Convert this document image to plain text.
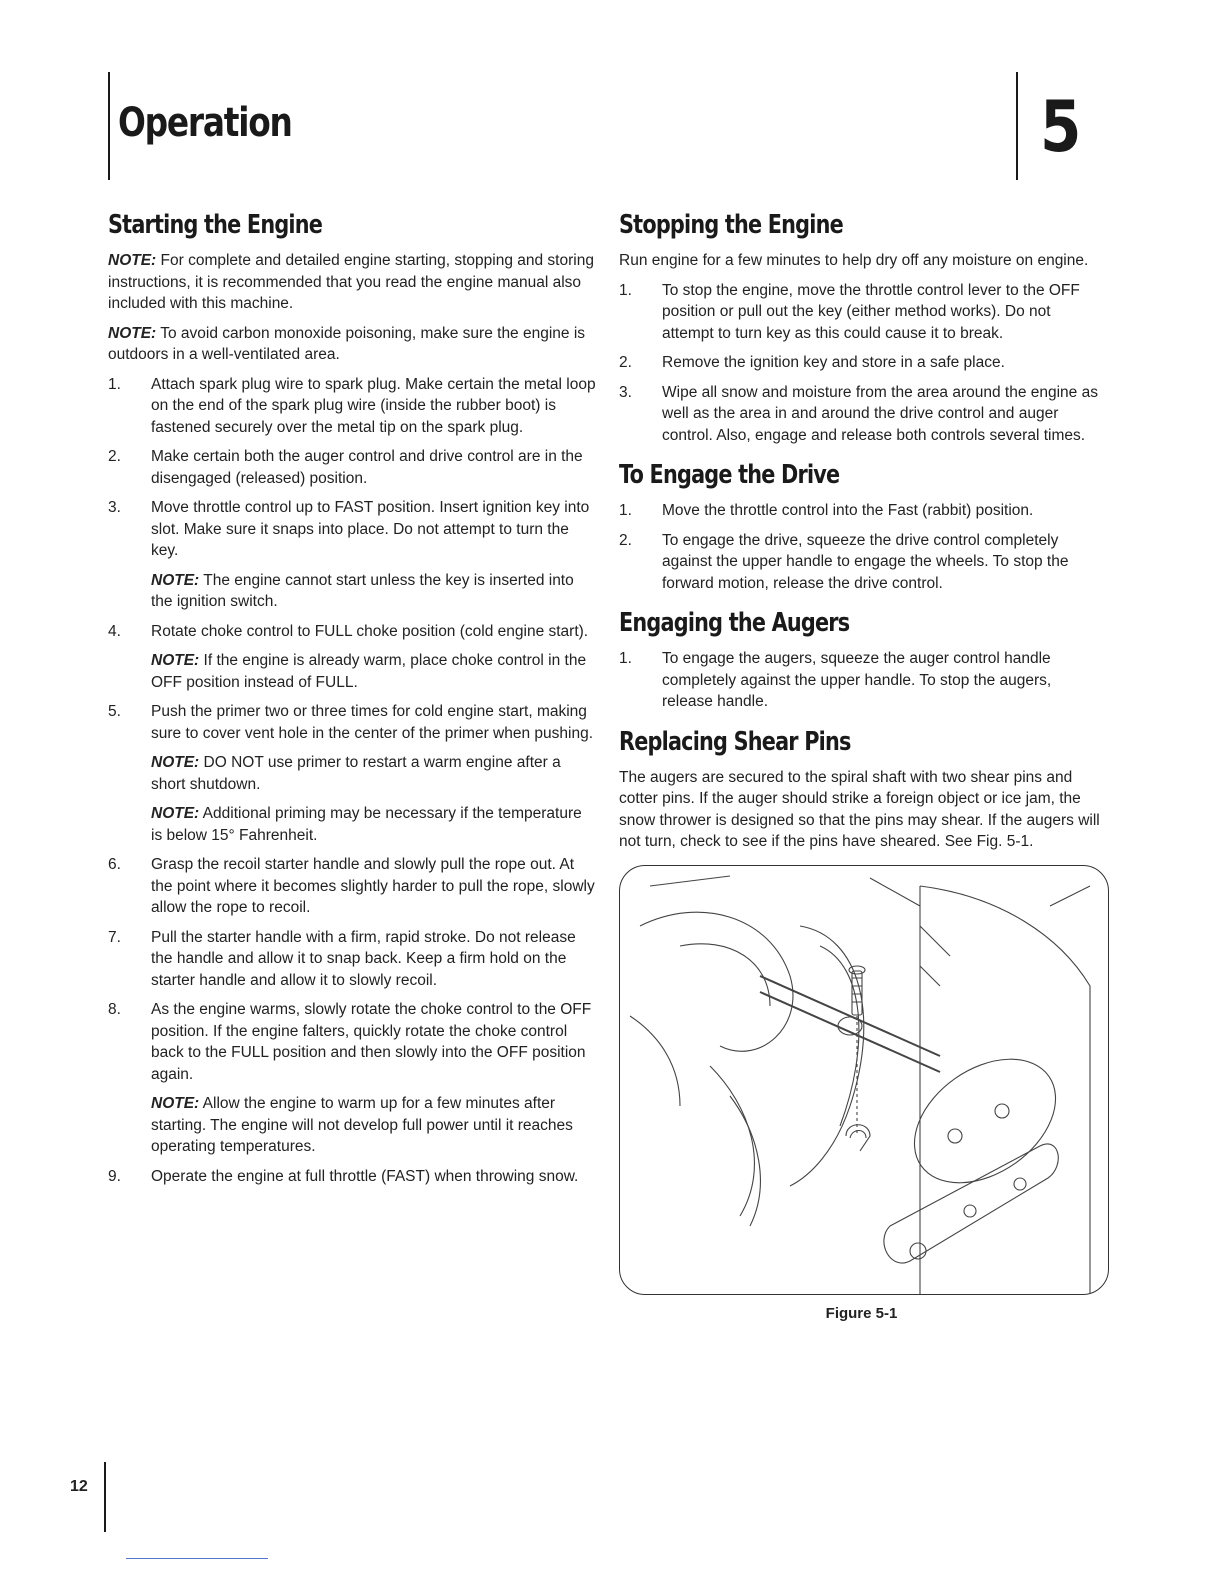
Operation	5
Starting the Engine

NOTE: For complete and detailed engine starting, stopping and storing instructions, it is recommended that you read the engine manual also included with this machine.

NOTE: To avoid carbon monoxide poisoning, make sure the engine is outdoors in a well-ventilated area.

1. Attach spark plug wire to spark plug. Make certain the metal loop on the end of the spark plug wire (inside the rubber boot) is fastened securely over the metal tip on the spark plug.
2. Make certain both the auger control and drive control are in the disengaged (released) position.
3. Move throttle control up to FAST position. Insert ignition key into slot. Make sure it snaps into place. Do not attempt to turn the key.

NOTE: The engine cannot start unless the key is inserted into the ignition switch.

4. Rotate choke control to FULL choke position (cold engine start).

NOTE: If the engine is already warm, place choke control in the OFF position instead of FULL.

5. Push the primer two or three times for cold engine start, making sure to cover vent hole in the center of the primer when pushing.

NOTE: DO NOT use primer to restart a warm engine after a short shutdown.

NOTE: Additional priming may be necessary if the temperature is below 15° Fahrenheit.

6. Grasp the recoil starter handle and slowly pull the rope out. At the point where it becomes slightly harder to pull the rope, slowly allow the rope to recoil.
7. Pull the starter handle with a firm, rapid stroke. Do not release the handle and allow it to snap back. Keep a firm hold on the starter handle and allow it to slowly recoil.
8. As the engine warms, slowly rotate the choke control to the OFF position. If the engine falters, quickly rotate the choke control back to the FULL position and then slowly into the OFF position again.

NOTE: Allow the engine to warm up for a few minutes after starting. The engine will not develop full power until it reaches operating temperatures.

9. Operate the engine at full throttle (FAST) when throwing snow.
Stopping the Engine

Run engine for a few minutes to help dry off any moisture on engine.

1. To stop the engine, move the throttle control lever to the OFF position or pull out the key (either method works). Do not attempt to turn key as this could cause it to break.
2. Remove the ignition key and store in a safe place.
3. Wipe all snow and moisture from the area around the engine as well as the area in and around the drive control and auger control. Also, engage and release both controls several times.
To Engage the Drive
1. Move the throttle control into the Fast (rabbit) position.
2. To engage the drive, squeeze the drive control completely against the upper handle to engage the wheels. To stop the forward motion, release the drive control.
Engaging the Augers
1. To engage the augers, squeeze the auger control handle completely against the upper handle. To stop the augers, release handle.
Replacing Shear Pins

The augers are secured to the spiral shaft with two shear pins and cotter pins. If the auger should strike a foreign object or ice jam, the snow thrower is designed so that the pins may shear. If the augers will not turn, check to see if the pins have sheared. See Fig. 5-1.

Figure 5-1
12
